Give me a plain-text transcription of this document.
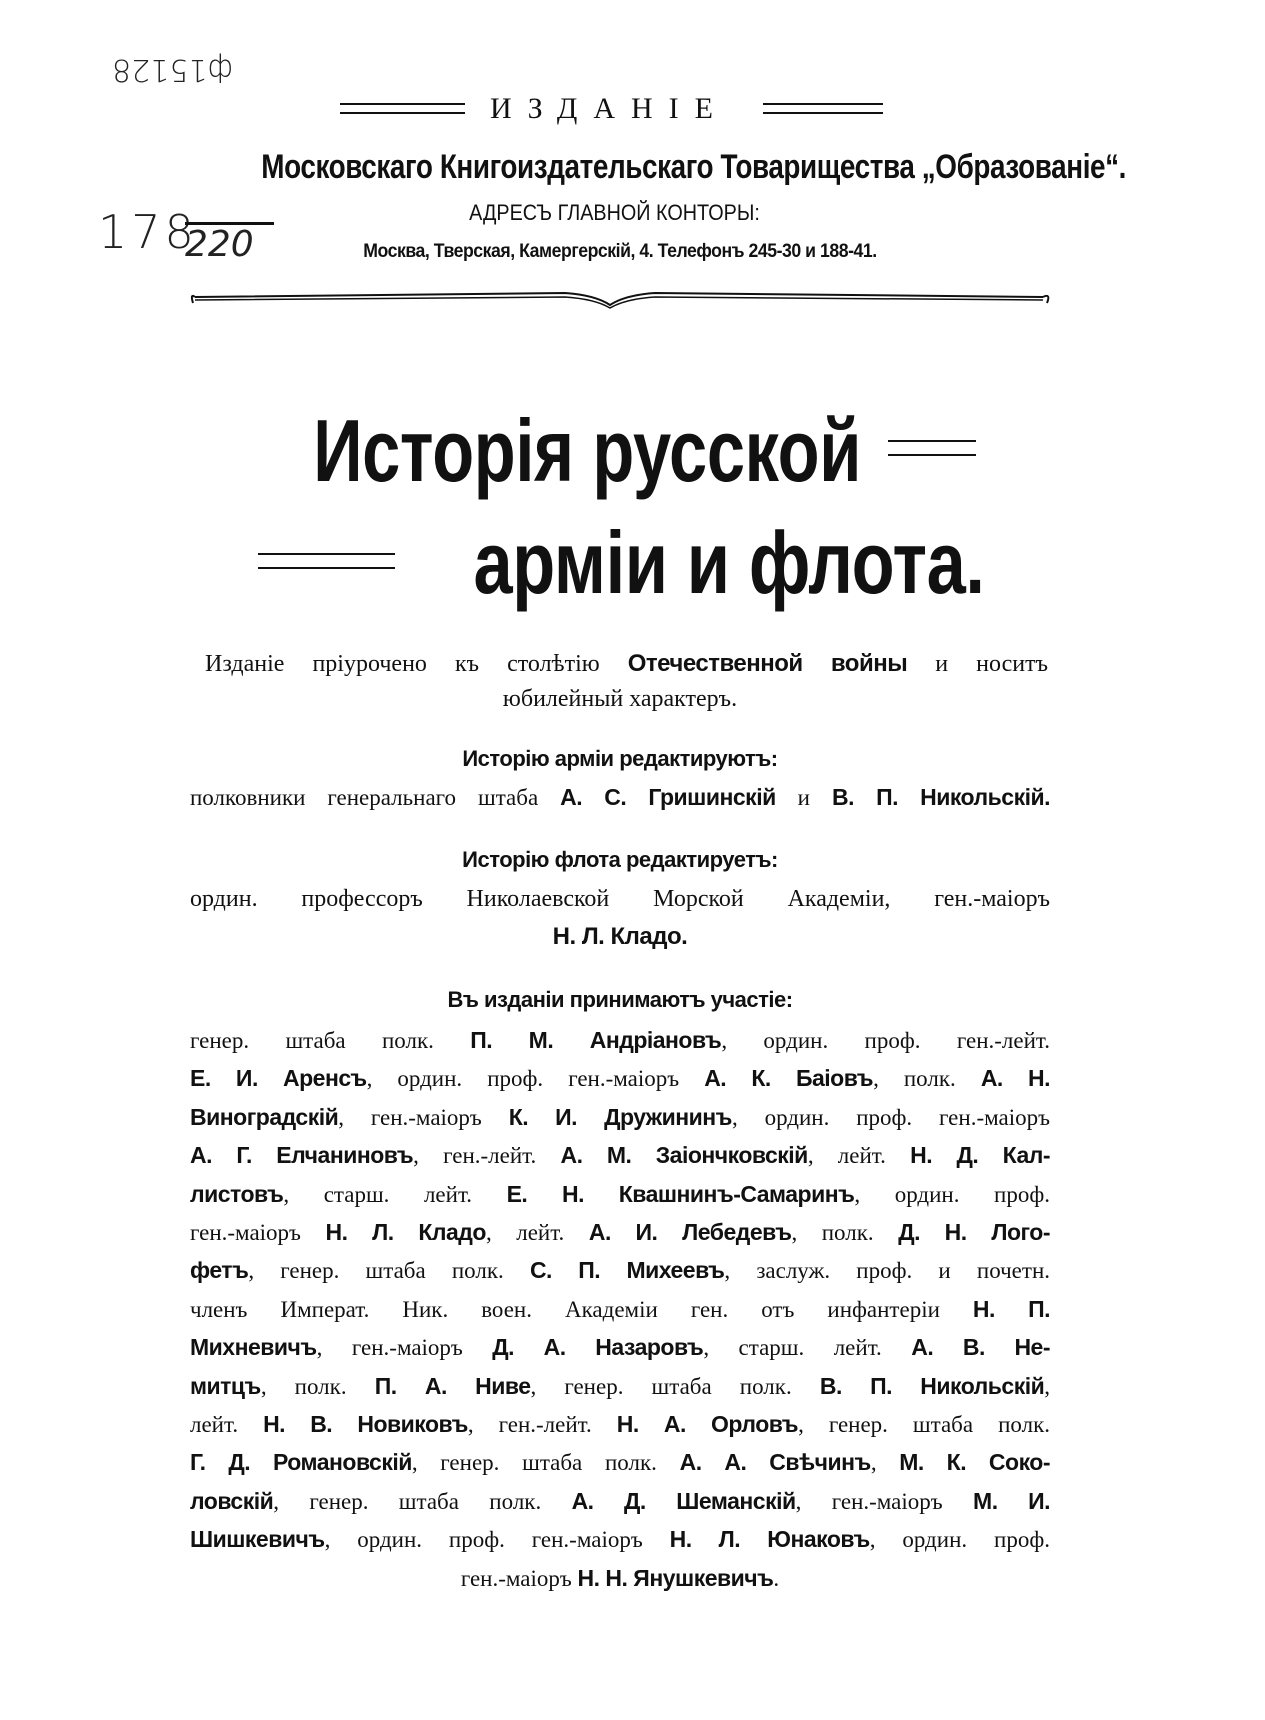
ф15128
178
220
ИЗДАНІЕ
Московскаго Книгоиздательскаго Товарищества „Образованіе“.
АДРЕСЪ ГЛАВНОЙ КОНТОРЫ:
Москва, Тверская, Камергерскій, 4. Телефонъ 245-30 и 188-41.
Исторія русской
арміи и флота.
Изданіе пріурочено къ столѣтію Отечественной войны и носитъ
юбилейный характеръ.
Исторію арміи редактируютъ:
полковники генеральнаго штаба А. С. Гришинскій и В. П. Никольскій.
Исторію флота редактируетъ:
ордин. профессоръ Николаевской Морской Академіи, ген.-маіоръ
Н. Л. Кладо.
Въ изданіи принимаютъ участіе:
генер. штаба полк. П. М. Андріановъ, ордин. проф. ген.-лейт.
Е. И. Аренсъ, ордин. проф. ген.-маіоръ А. К. Баіовъ, полк. А. Н.
Виноградскій, ген.-маіоръ К. И. Дружининъ, ордин. проф. ген.-маіоръ
А. Г. Елчаниновъ, ген.-лейт. А. М. Заіончковскій, лейт. Н. Д. Кал-
листовъ, старш. лейт. Е. Н. Квашнинъ-Самаринъ, ордин. проф.
ген.-маіоръ Н. Л. Кладо, лейт. А. И. Лебедевъ, полк. Д. Н. Лого-
фетъ, генер. штаба полк. С. П. Михеевъ, заслуж. проф. и почетн.
членъ Императ. Ник. воен. Академіи ген. отъ инфантеріи Н. П.
Михневичъ, ген.-маіоръ Д. А. Назаровъ, старш. лейт. А. В. Не-
митцъ, полк. П. А. Ниве, генер. штаба полк. В. П. Никольскій,
лейт. Н. В. Новиковъ, ген.-лейт. Н. А. Орловъ, генер. штаба полк.
Г. Д. Романовскій, генер. штаба полк. А. А. Свѣчинъ, М. К. Соко-
ловскій, генер. штаба полк. А. Д. Шеманскій, ген.-маіоръ М. И.
Шишкевичъ, ордин. проф. ген.-маіоръ Н. Л. Юнаковъ, ордин. проф.
ген.-маіоръ Н. Н. Янушкевичъ.
